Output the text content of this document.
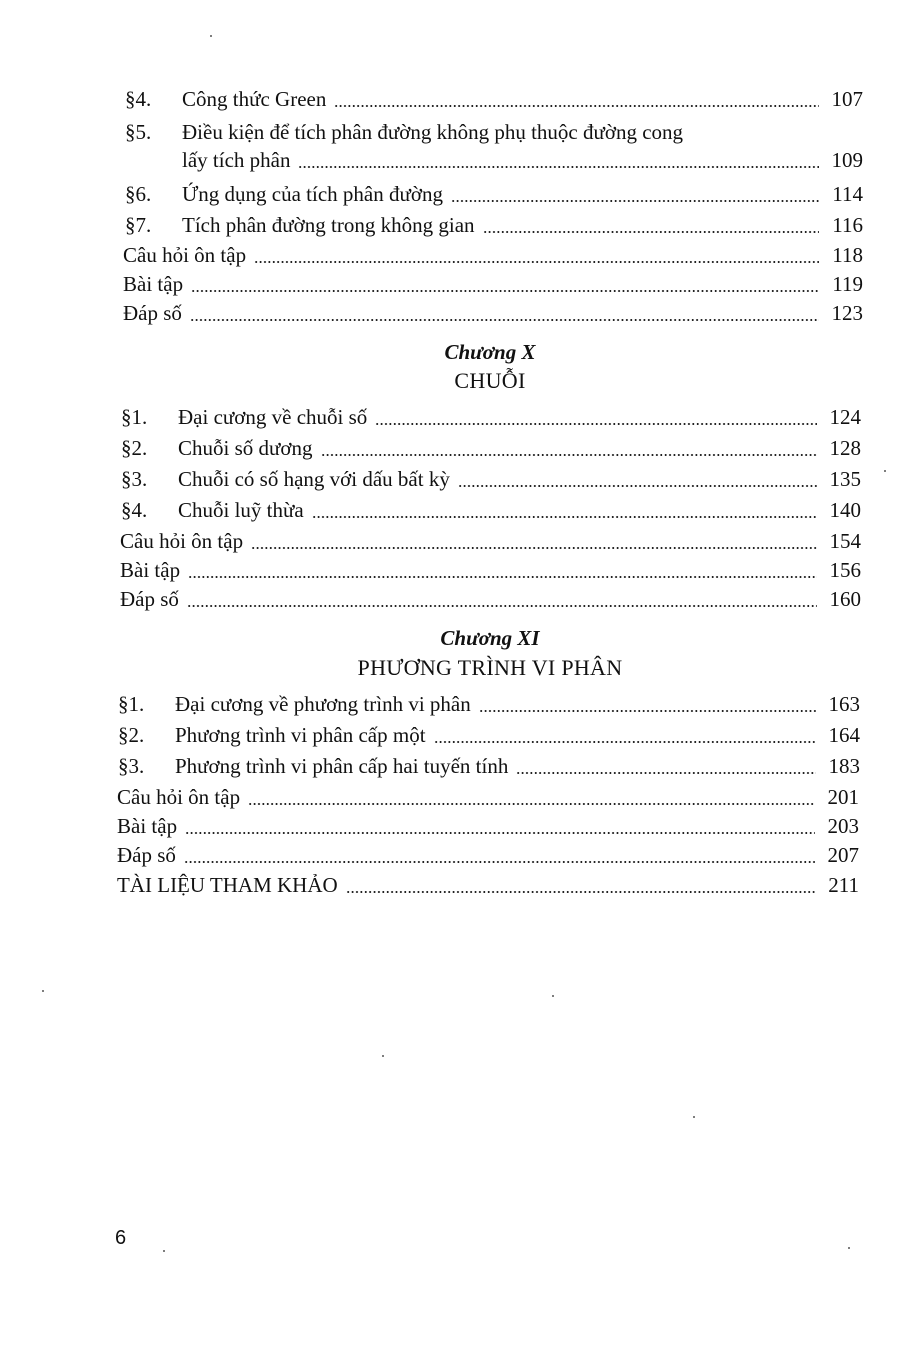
§4.	Công thức Green	107
§5.	Điều kiện để tích phân đường không phụ thuộc đường cong
lấy tích phân	109
§6.	Ứng dụng của tích phân đường	114
§7.	Tích phân đường trong không gian	116
Câu hỏi ôn tập	118
Bài tập	119
Đáp số	123
Chương X
CHUỖI
§1.	Đại cương về chuỗi số	124
§2.	Chuỗi số dương	128
§3.	Chuỗi có số hạng với dấu bất kỳ	135
§4.	Chuỗi luỹ thừa	140
Câu hỏi ôn tập	154
Bài tập	156
Đáp số	160
Chương XI
PHƯƠNG TRÌNH VI PHÂN
§1.	Đại cương về phương trình vi phân	163
§2.	Phương trình vi phân cấp một	164
§3.	Phương trình vi phân cấp hai tuyến tính	183
Câu hỏi ôn tập	201
Bài tập	203
Đáp số	207
TÀI LIỆU THAM KHẢO	211
6
